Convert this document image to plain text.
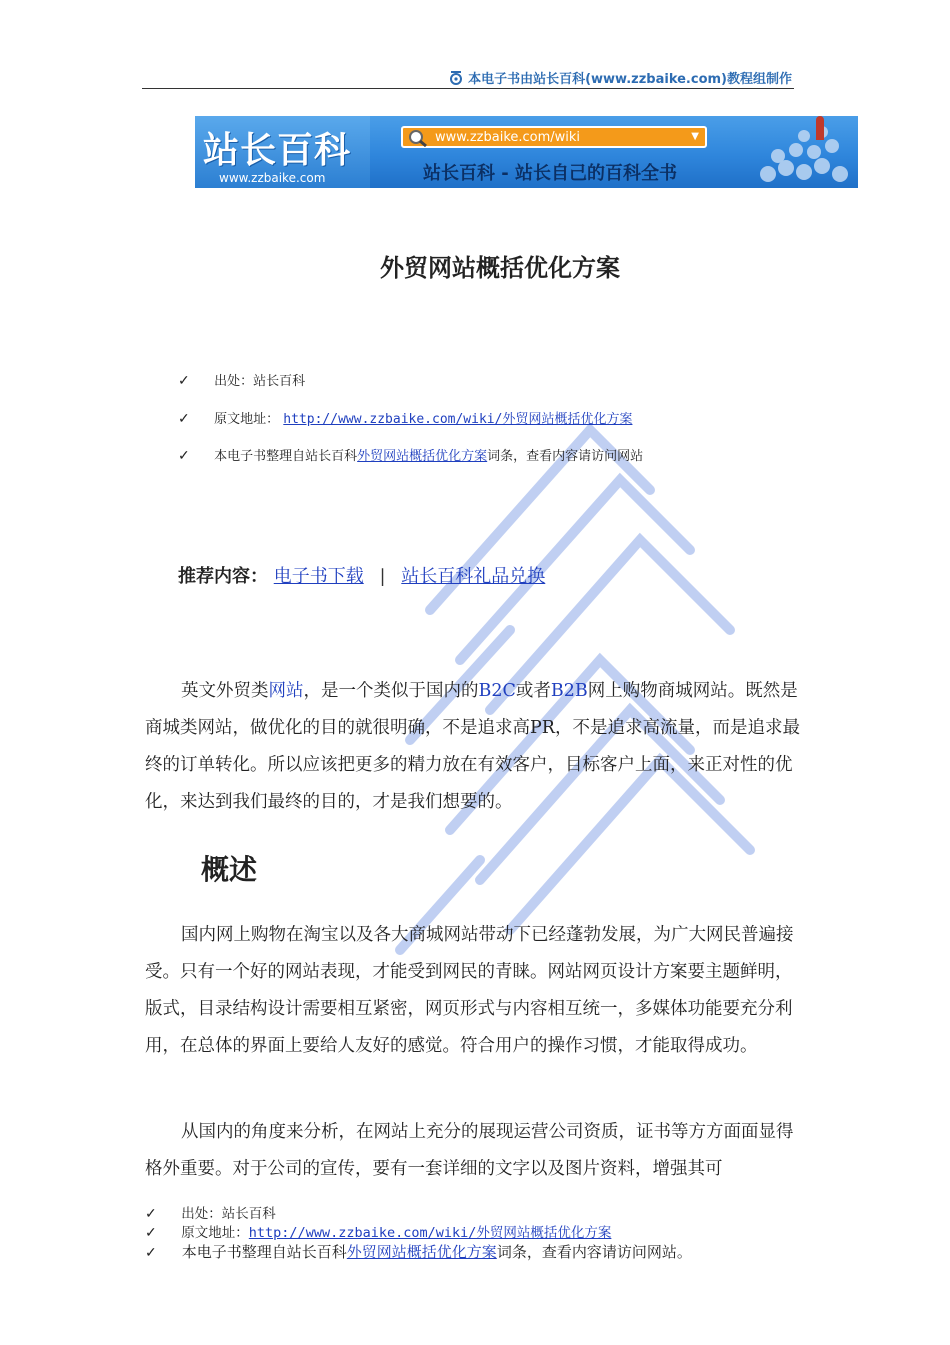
本电子书由站长百科(www.zzbaike.com)教程组制作
站长百科
www.zzbaike.com
www.zzbaike.com/wiki	▼
站长百科 - 站长自己的百科全书
外贸网站概括优化方案
✓ 出处：站长百科
✓ 原文地址： http://www.zzbaike.com/wiki/外贸网站概括优化方案
✓ 本电子书整理自站长百科外贸网站概括优化方案词条，查看内容请访问网站
推荐内容： 电子书下载 | 站长百科礼品兑换

英文外贸类网站，是一个类似于国内的B2C或者B2B网上购物商城网站。既然是商城类网站，做优化的目的就很明确，不是追求高PR，不是追求高流量，而是追求最终的订单转化。所以应该把更多的精力放在有效客户，目标客户上面，来正对性的优化，来达到我们最终的目的，才是我们想要的。

概述

国内网上购物在淘宝以及各大商城网站带动下已经蓬勃发展，为广大网民普遍接受。只有一个好的网站表现，才能受到网民的青睐。网站网页设计方案要主题鲜明，版式，目录结构设计需要相互紧密，网页形式与内容相互统一，多媒体功能要充分利用，在总体的界面上要给人友好的感觉。符合用户的操作习惯，才能取得成功。

从国内的角度来分析，在网站上充分的展现运营公司资质，证书等方方面面显得格外重要。对于公司的宣传，要有一套详细的文字以及图片资料，增强其可

✓ 出处：站长百科
✓ 原文地址：http://www.zzbaike.com/wiki/外贸网站概括优化方案
✓ 本电子书整理自站长百科外贸网站概括优化方案词条，查看内容请访问网站。
